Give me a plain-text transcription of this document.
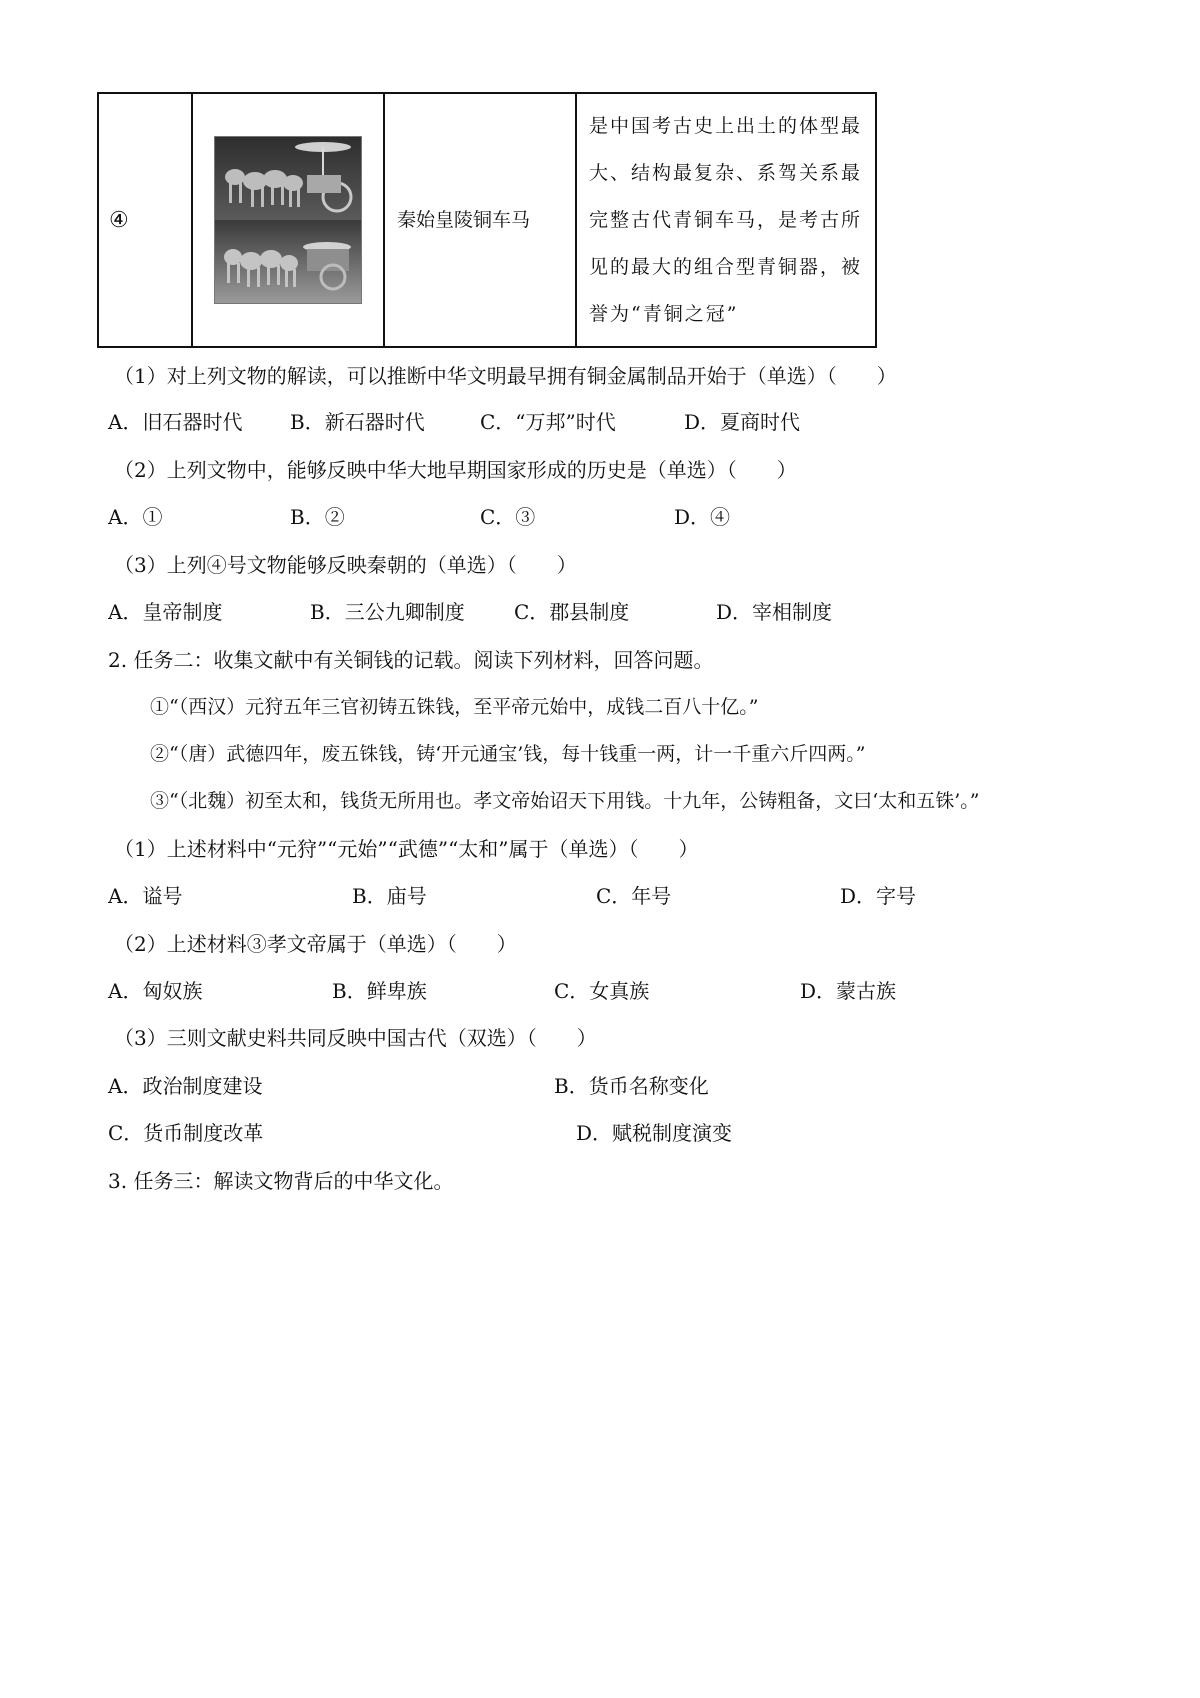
④		秦始皇陵铜车马	是中国考古史上出土的体型最大、结构最复杂、系驾关系最完整古代青铜车马，是考古所见的最大的组合型青铜器，被誉为“青铜之冠”
（1）对上列文物的解读，可以推断中华文明最早拥有铜金属制品开始于（单选）（　　）
A．旧石器时代 B．新石器时代	C．“万邦”时代	D．夏商时代
（2）上列文物中，能够反映中华大地早期国家形成的历史是（单选）（　　）
A．①	B．②	C．③	D．④
（3）上列④号文物能够反映秦朝的（单选）（　　）
A．皇帝制度	B．三公九卿制度 C．郡县制度	D．宰相制度
2. 任务二：收集文献中有关铜钱的记载。阅读下列材料，回答问题。
①“（西汉）元狩五年三官初铸五铢钱，至平帝元始中，成钱二百八十亿。”
②“（唐）武德四年，废五铢钱，铸‘开元通宝’钱，每十钱重一两，计一千重六斤四两。”
③“（北魏）初至太和，钱货无所用也。孝文帝始诏天下用钱。十九年，公铸粗备，文曰‘太和五铢’。”
（1）上述材料中“元狩”“元始”“武德”“太和”属于（单选）（　　）
A．谥号	B．庙号	C．年号	D．字号
（2）上述材料③孝文帝属于（单选）（　　）
A．匈奴族	B．鲜卑族	C．女真族	D．蒙古族
（3）三则文献史料共同反映中国古代（双选）（　　）
A．政治制度建设	B．货币名称变化
C．货币制度改革	D．赋税制度演变
3. 任务三：解读文物背后的中华文化。
